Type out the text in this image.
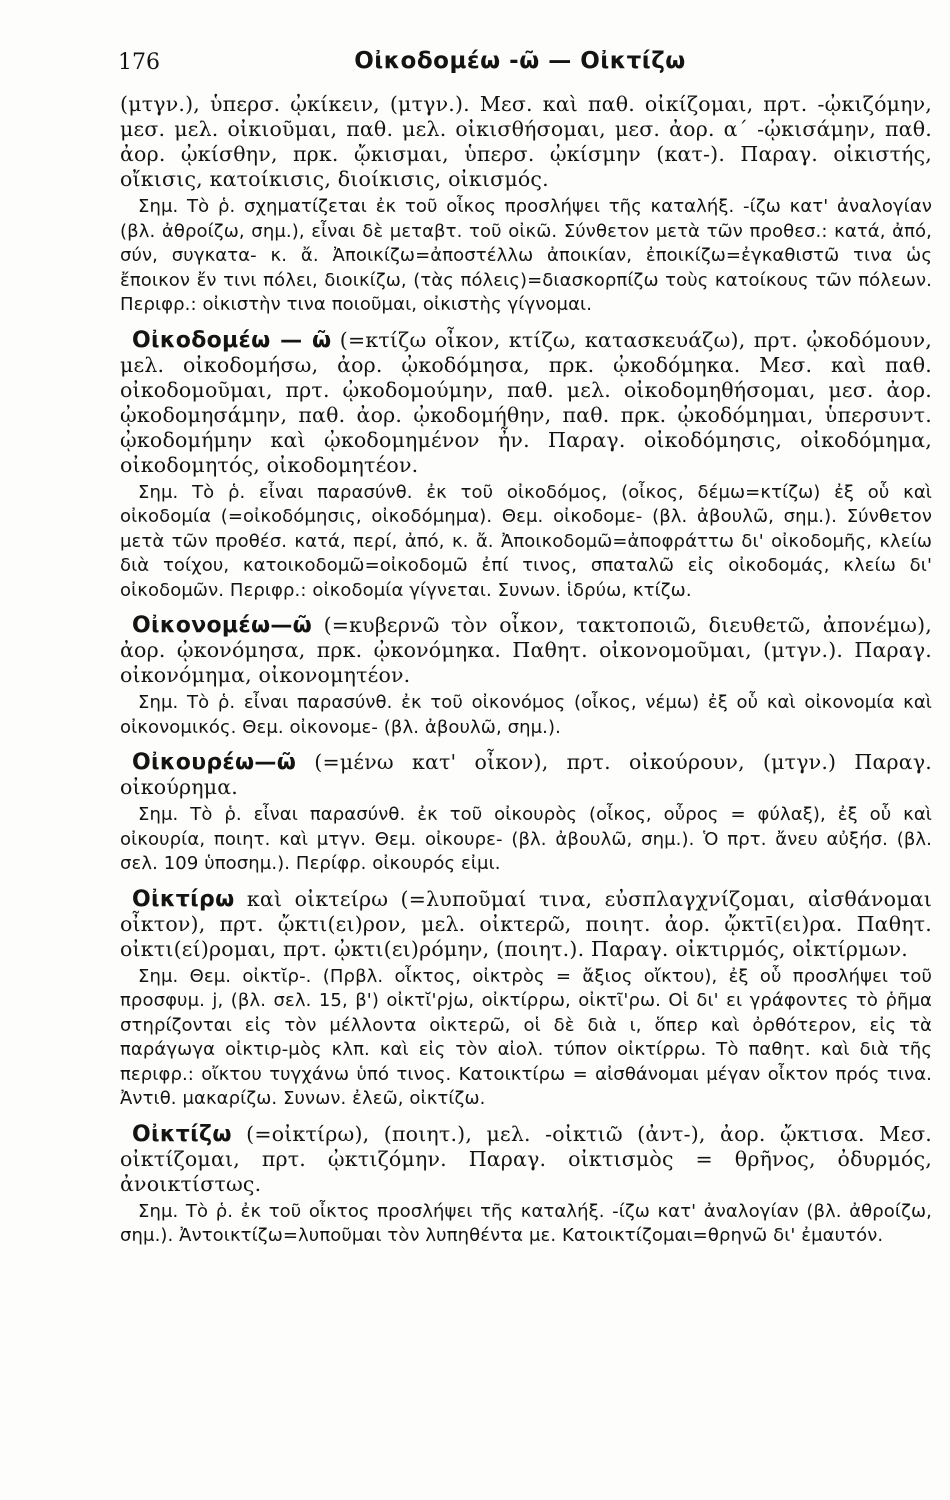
176	Οἰκοδομέω -ῶ — Οἰκτίζω

(μτγν.), ὑπερσ. ᾠκίκειν, (μτγν.). Μεσ. καὶ παθ. οἰκίζομαι, πρτ. -ᾠκιζόμην, μεσ. μελ. οἰκιοῦμαι, παθ. μελ. οἰκισθήσομαι, μεσ. ἀορ. α΄ -ᾠκισάμην, παθ. ἀορ. ᾠκίσθην, πρκ. ᾤκισμαι, ὑπερσ. ᾠκίσμην (κατ-). Παραγ. οἰκιστής, οἴκισις, κατοίκισις, διοίκισις, οἰκισμός.

Σημ. Τὸ ῥ. σχηματίζεται ἐκ τοῦ οἶκος προσλήψει τῆς καταλήξ. -ίζω κατ' ἀναλογίαν (βλ. ἀθροίζω, σημ.), εἶναι δὲ μεταβτ. τοῦ οἰκῶ. Σύνθετον μετὰ τῶν προθεσ.: κατά, ἀπό, σύν, συγκατα- κ. ἄ. Ἀποικίζω=ἀποστέλλω ἀποικίαν, ἐποικίζω=ἐγκαθιστῶ τινα ὡς ἔποικον ἔν τινι πόλει, διοικίζω, (τὰς πόλεις)=διασκορπίζω τοὺς κατοίκους τῶν πόλεων. Περιφρ.: οἰκιστὴν τινα ποιοῦμαι, οἰκιστὴς γίγνομαι.

Οἰκοδομέω — ῶ (=κτίζω οἶκον, κτίζω, κατασκευάζω), πρτ. ᾠκοδόμουν, μελ. οἰκοδομήσω, ἀορ. ᾠκοδόμησα, πρκ. ᾠκοδόμηκα. Μεσ. καὶ παθ. οἰκοδομοῦμαι, πρτ. ᾠκοδομούμην, παθ. μελ. οἰκοδομηθήσομαι, μεσ. ἀορ. ᾠκοδομησάμην, παθ. ἀορ. ᾠκοδομήθην, παθ. πρκ. ᾠκοδόμημαι, ὑπερσυντ. ᾠκοδομήμην καὶ ᾠκοδομημένον ἦν. Παραγ. οἰκοδόμησις, οἰκοδόμημα, οἰκοδομητός, οἰκοδομητέον.

Σημ. Τὸ ῥ. εἶναι παρασύνθ. ἐκ τοῦ οἰκοδόμος, (οἶκος, δέμω=κτίζω) ἐξ οὗ καὶ οἰκοδομία (=οἰκοδόμησις, οἰκοδόμημα). Θεμ. οἰκοδομε- (βλ. ἀβουλῶ, σημ.). Σύνθετον μετὰ τῶν προθέσ. κατά, περί, ἀπό, κ. ἄ. Ἀποικοδομῶ=ἀποφράττω δι' οἰκοδομῆς, κλείω διὰ τοίχου, κατοικοδομῶ=οἰκοδομῶ ἐπί τινος, σπαταλῶ εἰς οἰκοδομάς, κλείω δι' οἰκοδομῶν. Περιφρ.: οἰκοδομία γίγνεται. Συνων. ἱδρύω, κτίζω.

Οἰκονομέω—ῶ (=κυβερνῶ τὸν οἶκον, τακτοποιῶ, διευθετῶ, ἀπονέμω), ἀορ. ᾠκονόμησα, πρκ. ᾠκονόμηκα. Παθητ. οἰκονομοῦμαι, (μτγν.). Παραγ. οἰκονόμημα, οἰκονομητέον.

Σημ. Τὸ ῥ. εἶναι παρασύνθ. ἐκ τοῦ οἰκονόμος (οἶκος, νέμω) ἐξ οὗ καὶ οἰκονομία καὶ οἰκονομικός. Θεμ. οἰκονομε- (βλ. ἀβουλῶ, σημ.).

Οἰκουρέω—ῶ (=μένω κατ' οἶκον), πρτ. οἰκούρουν, (μτγν.) Παραγ. οἰκούρημα.

Σημ. Τὸ ῥ. εἶναι παρασύνθ. ἐκ τοῦ οἰκουρὸς (οἶκος, οὖρος = φύλαξ), ἐξ οὗ καὶ οἰκουρία, ποιητ. καὶ μτγν. Θεμ. οἰκουρε- (βλ. ἀβουλῶ, σημ.). Ὁ πρτ. ἄνευ αὐξήσ. (βλ. σελ. 109 ὑποσημ.). Περίφρ. οἰκουρός εἰμι.

Οἰκτίρω καὶ οἰκτείρω (=λυποῦμαί τινα, εὐσπλαγχνίζομαι, αἰσθάνομαι οἶκτον), πρτ. ᾤκτι(ει)ρον, μελ. οἰκτερῶ, ποιητ. ἀορ. ᾤκτῑ(ει)ρα. Παθητ. οἰκτι(εί)ρομαι, πρτ. ᾠκτι(ει)ρόμην, (ποιητ.). Παραγ. οἰκτιρμός, οἰκτίρμων.

Σημ. Θεμ. οἰκτῐρ-. (Πρβλ. οἶκτος, οἰκτρὸς = ἄξιος οἴκτου), ἐξ οὗ προσλήψει τοῦ προσφυμ. j, (βλ. σελ. 15, β') οἰκτῐ'ρjω, οἰκτίρρω, οἰκτῖ'ρω. Οἱ δι' ει γράφοντες τὸ ῥῆμα στηρίζονται εἰς τὸν μέλλοντα οἰκτερῶ, οἱ δὲ διὰ ι, ὅπερ καὶ ὀρθότερον, εἰς τὰ παράγωγα οἰκτιρ-μὸς κλπ. καὶ εἰς τὸν αἰολ. τύπον οἰκτίρρω. Τὸ παθητ. καὶ διὰ τῆς περιφρ.: οἴκτου τυγχάνω ὑπό τινος. Κατοικτίρω = αἰσθάνομαι μέγαν οἶκτον πρός τινα. Ἀντιθ. μακαρίζω. Συνων. ἐλεῶ, οἰκτίζω.

Οἰκτίζω (=οἰκτίρω), (ποιητ.), μελ. -οἰκτιῶ (ἀντ-), ἀορ. ᾤκτισα. Μεσ. οἰκτίζομαι, πρτ. ᾠκτιζόμην. Παραγ. οἰκτισμὸς = θρῆνος, ὀδυρμός, ἀνοικτίστως.

Σημ. Τὸ ῥ. ἐκ τοῦ οἶκτος προσλήψει τῆς καταλήξ. -ίζω κατ' ἀναλογίαν (βλ. ἀθροίζω, σημ.). Ἀντοικτίζω=λυποῦμαι τὸν λυπηθέντα με. Κατοικτίζομαι=θρηνῶ δι' ἐμαυτόν.
